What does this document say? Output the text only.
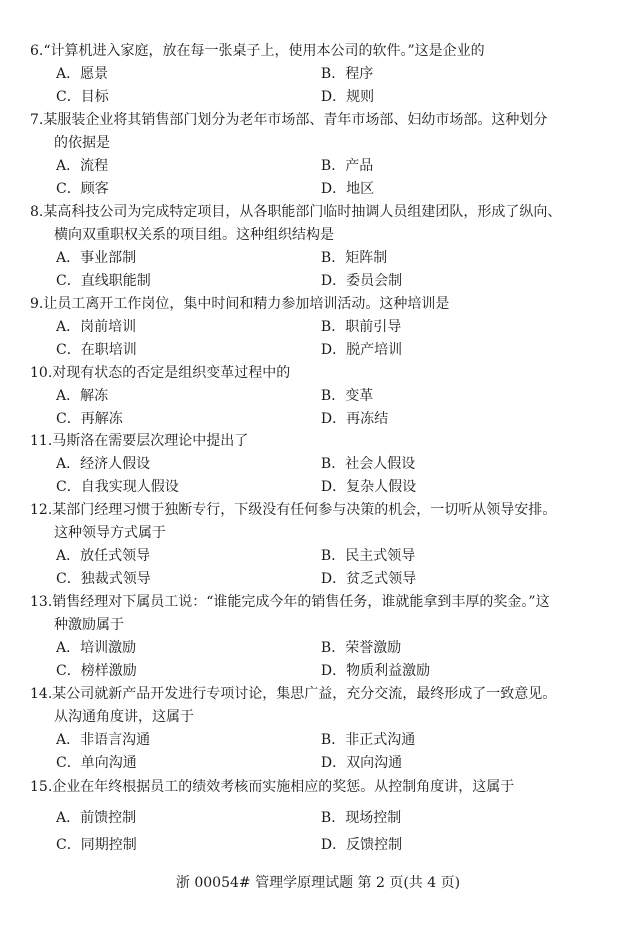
6.“计算机进入家庭，放在每一张桌子上，使用本公司的软件。”这是企业的
A．愿景	B．程序
C．目标	D．规则
7.某服装企业将其销售部门划分为老年市场部、青年市场部、妇幼市场部。这种划分
的依据是
A．流程	B．产品
C．顾客	D．地区
8.某高科技公司为完成特定项目，从各职能部门临时抽调人员组建团队，形成了纵向、
横向双重职权关系的项目组。这种组织结构是
A．事业部制	B．矩阵制
C．直线职能制	D．委员会制
9.让员工离开工作岗位，集中时间和精力参加培训活动。这种培训是
A．岗前培训	B．职前引导
C．在职培训	D．脱产培训
10.对现有状态的否定是组织变革过程中的
A．解冻	B．变革
C．再解冻	D．再冻结
11.马斯洛在需要层次理论中提出了
A．经济人假设	B．社会人假设
C．自我实现人假设	D．复杂人假设
12.某部门经理习惯于独断专行，下级没有任何参与决策的机会，一切听从领导安排。
这种领导方式属于
A．放任式领导	B．民主式领导
C．独裁式领导	D．贫乏式领导
13.销售经理对下属员工说：“谁能完成今年的销售任务，谁就能拿到丰厚的奖金。”这
种激励属于
A．培训激励	B．荣誉激励
C．榜样激励	D．物质利益激励
14.某公司就新产品开发进行专项讨论，集思广益，充分交流，最终形成了一致意见。
从沟通角度讲，这属于
A．非语言沟通	B．非正式沟通
C．单向沟通	D．双向沟通
15.企业在年终根据员工的绩效考核而实施相应的奖惩。从控制角度讲，这属于
A．前馈控制	B．现场控制
C．同期控制	D．反馈控制
浙 00054# 管理学原理试题 第 2 页(共 4 页)
